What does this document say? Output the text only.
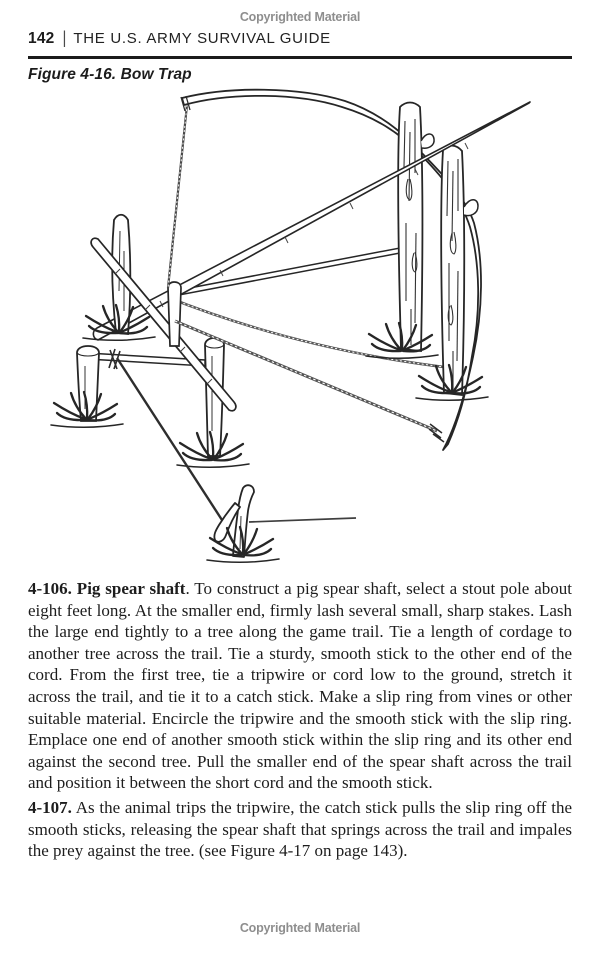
Copyrighted Material
142 | THE U.S. ARMY SURVIVAL GUIDE
Figure 4-16. Bow Trap

4-106. Pig spear shaft. To construct a pig spear shaft, select a stout pole about eight feet long. At the smaller end, firmly lash several small, sharp stakes. Lash the large end tightly to a tree along the game trail. Tie a length of cordage to another tree across the trail. Tie a sturdy, smooth stick to the other end of the cord. From the first tree, tie a tripwire or cord low to the ground, stretch it across the trail, and tie it to a catch stick. Make a slip ring from vines or other suitable material. Encircle the tripwire and the smooth stick with the slip ring. Emplace one end of another smooth stick within the slip ring and its other end against the second tree. Pull the smaller end of the spear shaft across the trail and position it between the short cord and the smooth stick.

4-107. As the animal trips the tripwire, the catch stick pulls the slip ring off the smooth sticks, releasing the spear shaft that springs across the trail and impales the prey against the tree. (see Figure 4-17 on page 143).

Copyrighted Material
